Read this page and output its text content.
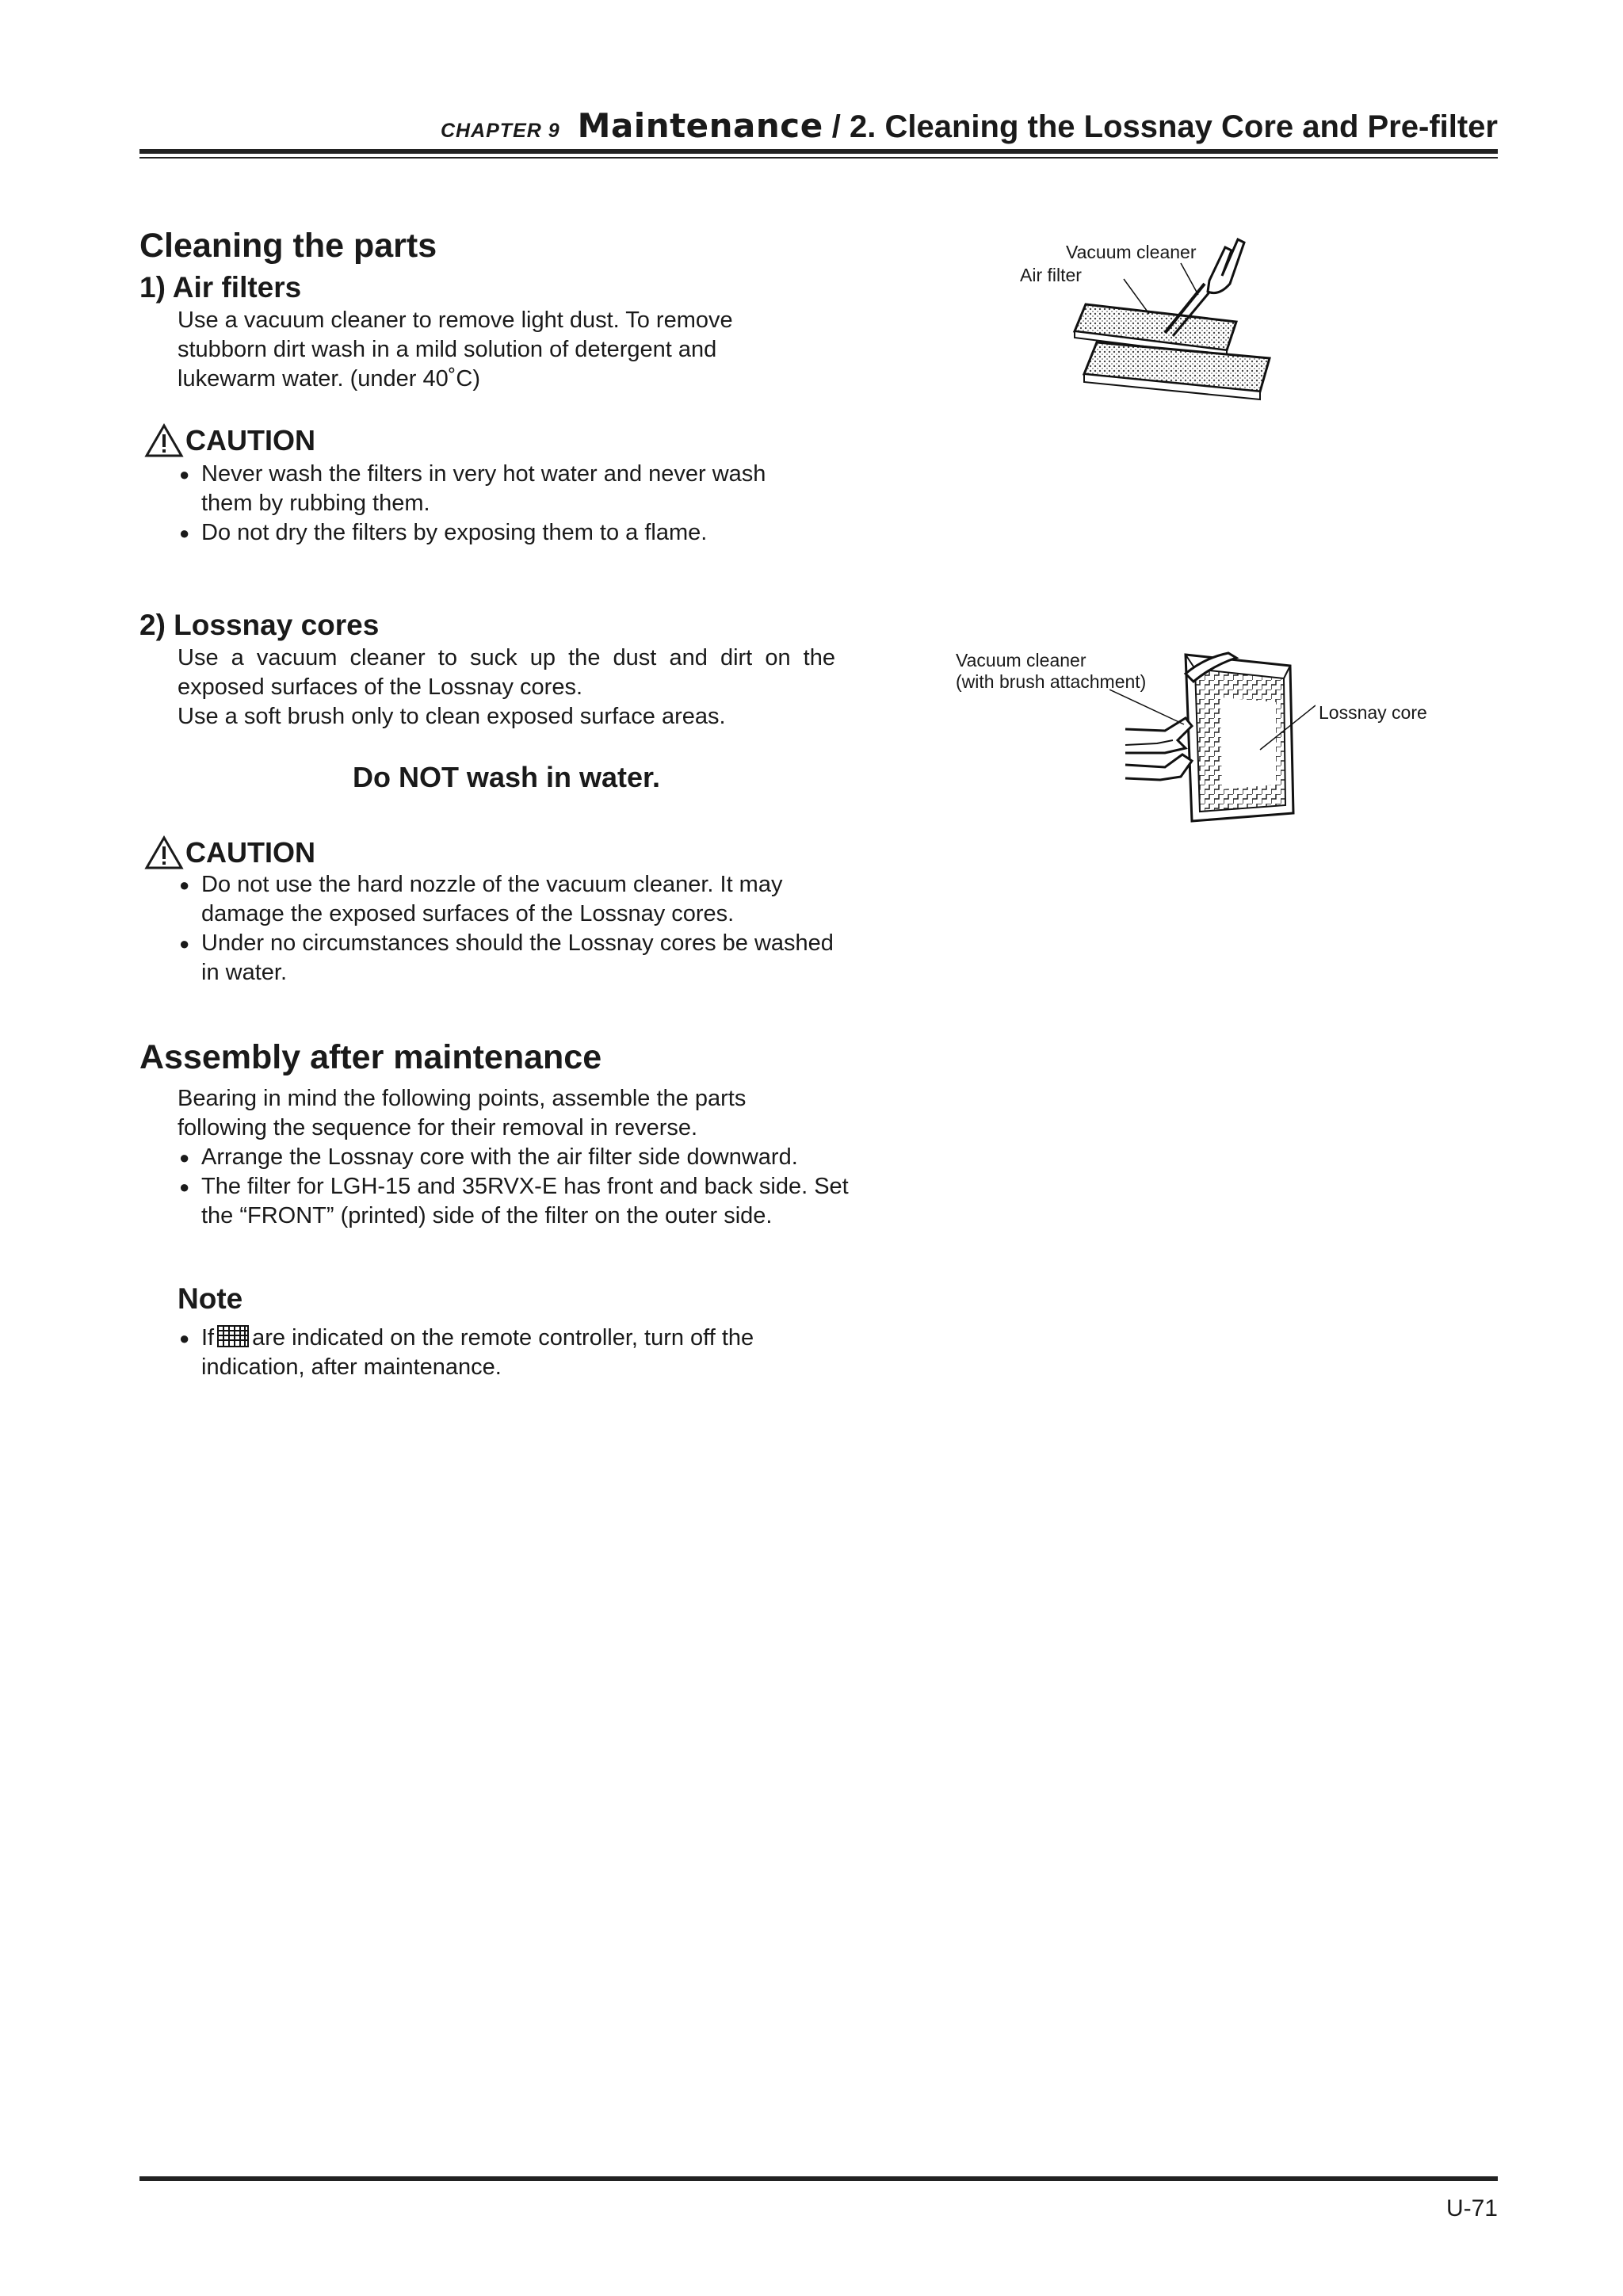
CHAPTER 9 Maintenance / 2. Cleaning the Lossnay Core and Pre-filter
Cleaning the parts
1) Air filters

Use a vacuum cleaner to remove light dust. To remove stubborn dirt wash in a mild solution of detergent and lukewarm water. (under 40˚C)

CAUTION
● Never wash the filters in very hot water and never wash them by rubbing them.
● Do not dry the filters by exposing them to a flame.
Vacuum cleaner
Air filter
2) Lossnay cores

Use a vacuum cleaner to suck up the dust and dirt on the exposed surfaces of the Lossnay cores.

Use a soft brush only to clean exposed surface areas.

Do NOT wash in water.
CAUTION
● Do not use the hard nozzle of the vacuum cleaner. It may damage the exposed surfaces of the Lossnay cores.
● Under no circumstances should the Lossnay cores be washed in water.
Vacuum cleaner
(with brush attachment)
Lossnay core
Assembly after maintenance

Bearing in mind the following points, assemble the parts following the sequence for their removal in reverse.

● Arrange the Lossnay core with the air filter side downward.
● The filter for LGH-15 and 35RVX-E has front and back side. Set the “FRONT” (printed) side of the filter on the outer side.
Note
● If are indicated on the remote controller, turn off the indication, after maintenance.
U-71
